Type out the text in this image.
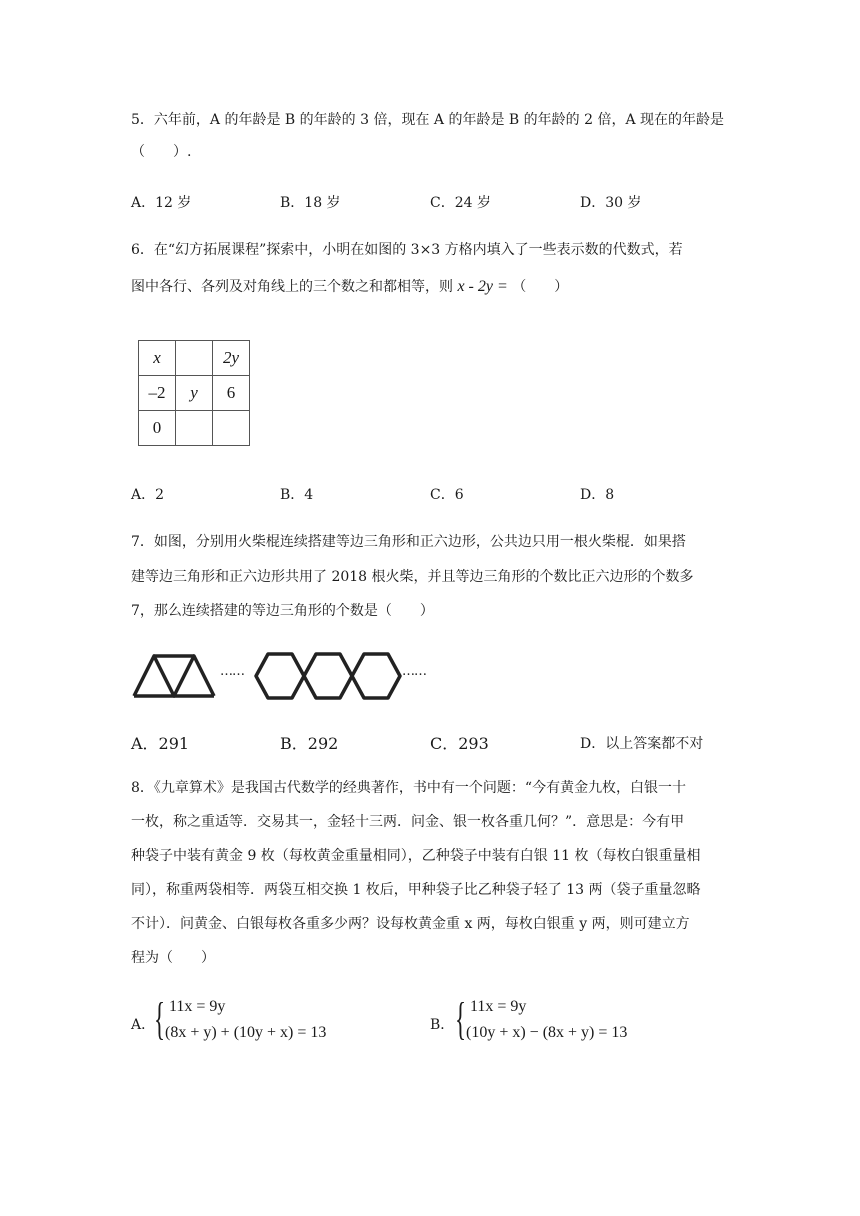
5．六年前，A 的年龄是 B 的年龄的 3 倍，现在 A 的年龄是 B 的年龄的 2 倍，A 现在的年龄是
（　　）.
A．12 岁	B．18 岁	C．24 岁	D．30 岁
6．在“幻方拓展课程”探索中，小明在如图的 3×3 方格内填入了一些表示数的代数式，若
图中各行、各列及对角线上的三个数之和都相等，则 x - 2y = （　　）
x		2y
–2	y	6
0		
A．2	B．4	C．6	D．8
7．如图，分别用火柴棍连续搭建等边三角形和正六边形，公共边只用一根火柴棍．如果搭
建等边三角形和正六边形共用了 2018 根火柴，并且等边三角形的个数比正六边形的个数多
7，那么连续搭建的等边三角形的个数是（　　）
……	……
A．291	B．292	C．293	D．以上答案都不对
8．《九章算术》是我国古代数学的经典著作，书中有一个问题：“今有黄金九枚，白银一十
一枚，称之重适等．交易其一，金轻十三两．问金、银一枚各重几何？”．意思是：今有甲
种袋子中装有黄金 9 枚（每枚黄金重量相同），乙种袋子中装有白银 11 枚（每枚白银重量相
同），称重两袋相等．两袋互相交换 1 枚后，甲种袋子比乙种袋子轻了 13 两（袋子重量忽略
不计）．问黄金、白银每枚各重多少两？设每枚黄金重 x 两，每枚白银重 y 两，则可建立方
程为（　　）
A．
{ 11x = 9y
(8x + y) + (10y + x) = 13	B． { 11x = 9y
(10y + x) − (8x + y) = 13
